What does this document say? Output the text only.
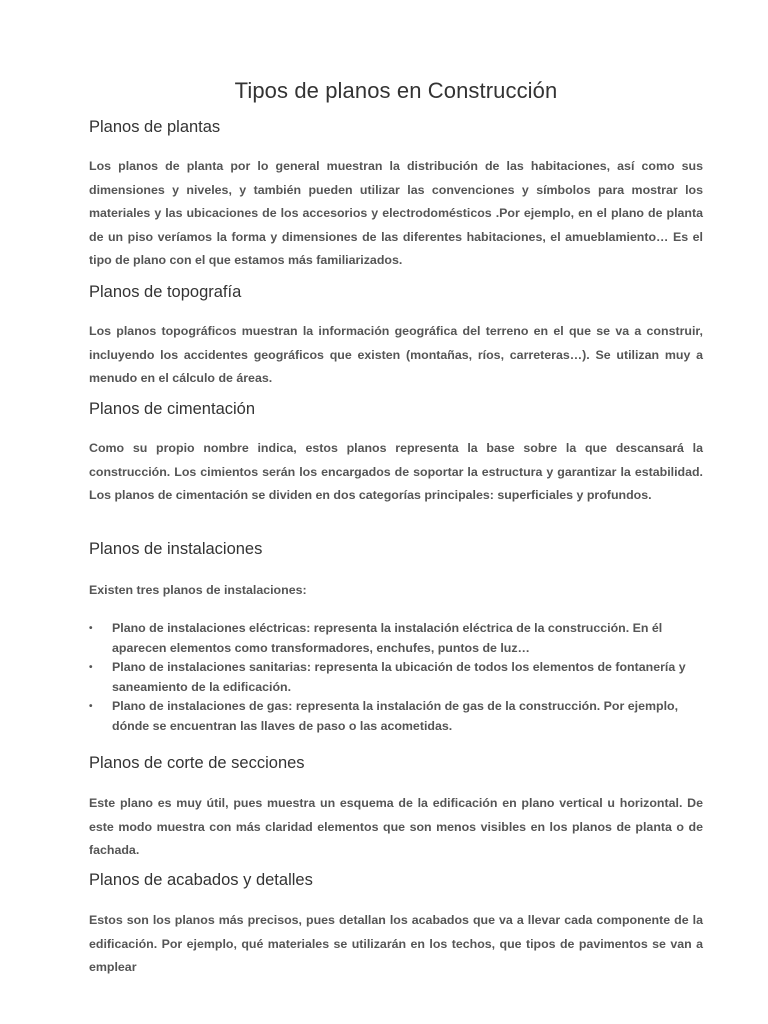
Tipos de planos en Construcción
Planos de plantas

Los planos de planta por lo general muestran la distribución de las habitaciones, así como sus dimensiones y niveles, y también pueden utilizar las convenciones y símbolos para mostrar los materiales y las ubicaciones de los accesorios y electrodomésticos .Por ejemplo, en el plano de planta de un piso veríamos la forma y dimensiones de las diferentes habitaciones, el amueblamiento… Es el tipo de plano con el que estamos más familiarizados.

Planos de topografía

Los planos topográficos muestran la información geográfica del terreno en el que se va a construir, incluyendo los accidentes geográficos que existen (montañas, ríos, carreteras…). Se utilizan muy a menudo en el cálculo de áreas.

Planos de cimentación

Como su propio nombre indica, estos planos representa la base sobre la que descansará la construcción. Los cimientos serán los encargados de soportar la estructura y garantizar la estabilidad. Los planos de cimentación se dividen en dos categorías principales: superficiales y profundos.

Planos de instalaciones

Existen tres planos de instalaciones:

• Plano de instalaciones eléctricas: representa la instalación eléctrica de la construcción. En él aparecen elementos como transformadores, enchufes, puntos de luz…
• Plano de instalaciones sanitarias: representa la ubicación de todos los elementos de fontanería y saneamiento de la edificación.
• Plano de instalaciones de gas: representa la instalación de gas de la construcción. Por ejemplo, dónde se encuentran las llaves de paso o las acometidas.
Planos de corte de secciones

Este plano es muy útil, pues muestra un esquema de la edificación en plano vertical u horizontal. De este modo muestra con más claridad elementos que son menos visibles en los planos de planta o de fachada.

Planos de acabados y detalles

Estos son los planos más precisos, pues detallan los acabados que va a llevar cada componente de la edificación. Por ejemplo, qué materiales se utilizarán en los techos, que tipos de pavimentos se van a emplear
